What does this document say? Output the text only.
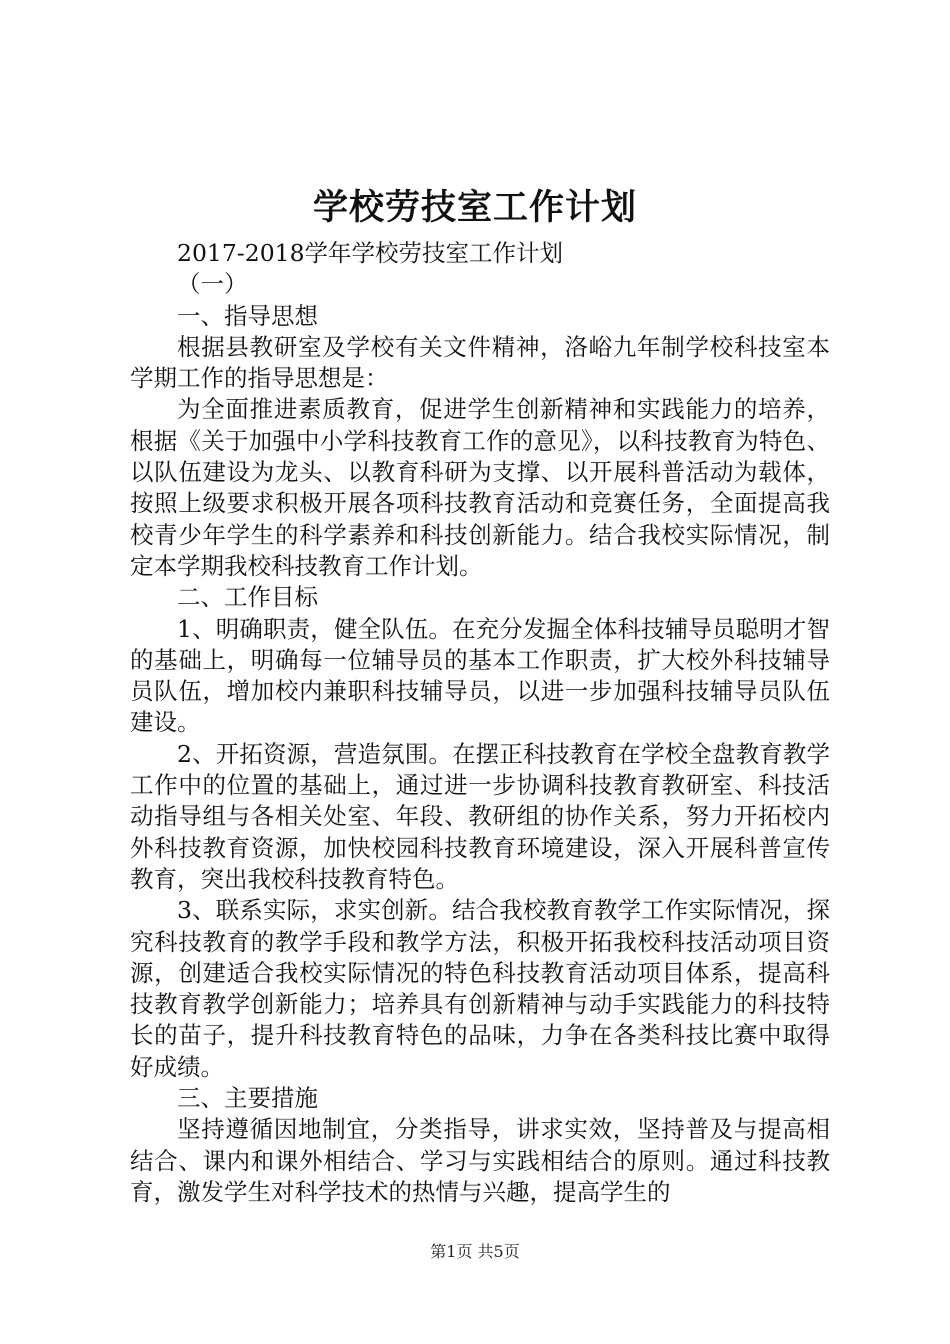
学校劳技室工作计划

2017-2018学年学校劳技室工作计划

（一）

一、指导思想

根据县教研室及学校有关文件精神，洛峪九年制学校科技室本学期工作的指导思想是：

为全面推进素质教育，促进学生创新精神和实践能力的培养，根据《关于加强中小学科技教育工作的意见》，以科技教育为特色、以队伍建设为龙头、以教育科研为支撑、以开展科普活动为载体，按照上级要求积极开展各项科技教育活动和竞赛任务，全面提高我校青少年学生的科学素养和科技创新能力。结合我校实际情况，制定本学期我校科技教育工作计划。

二、工作目标

1、明确职责，健全队伍。在充分发掘全体科技辅导员聪明才智的基础上，明确每一位辅导员的基本工作职责，扩大校外科技辅导员队伍，增加校内兼职科技辅导员，以进一步加强科技辅导员队伍建设。

2、开拓资源，营造氛围。在摆正科技教育在学校全盘教育教学工作中的位置的基础上，通过进一步协调科技教育教研室、科技活动指导组与各相关处室、年段、教研组的协作关系，努力开拓校内外科技教育资源，加快校园科技教育环境建设，深入开展科普宣传教育，突出我校科技教育特色。

3、联系实际，求实创新。结合我校教育教学工作实际情况，探究科技教育的教学手段和教学方法，积极开拓我校科技活动项目资源，创建适合我校实际情况的特色科技教育活动项目体系，提高科技教育教学创新能力；培养具有创新精神与动手实践能力的科技特长的苗子，提升科技教育特色的品味，力争在各类科技比赛中取得好成绩。

三、主要措施

坚持遵循因地制宜，分类指导，讲求实效，坚持普及与提高相结合、课内和课外相结合、学习与实践相结合的原则。通过科技教育，激发学生对科学技术的热情与兴趣，提高学生的

第1页 共5页
